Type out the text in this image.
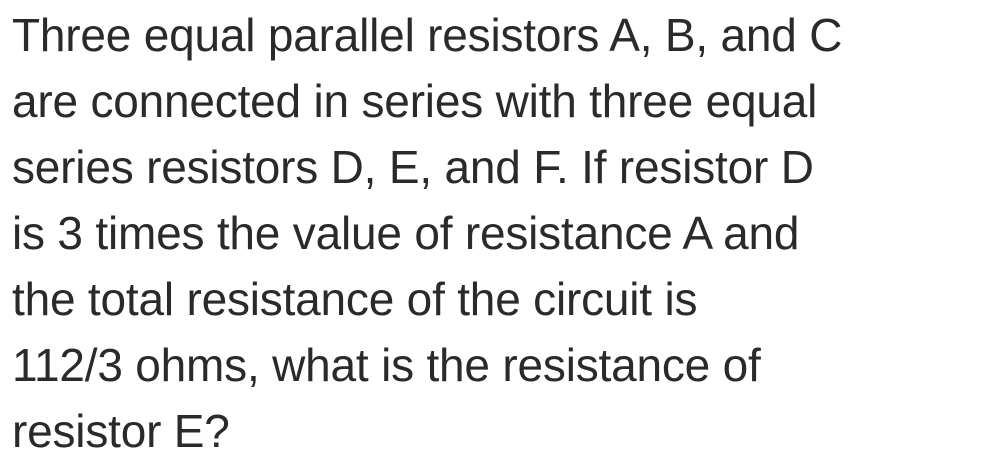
Three equal parallel resistors A, B, and C
are connected in series with three equal
series resistors D, E, and F. If resistor D
is 3 times the value of resistance A and
the total resistance of the circuit is
112/3 ohms, what is the resistance of
resistor E?
